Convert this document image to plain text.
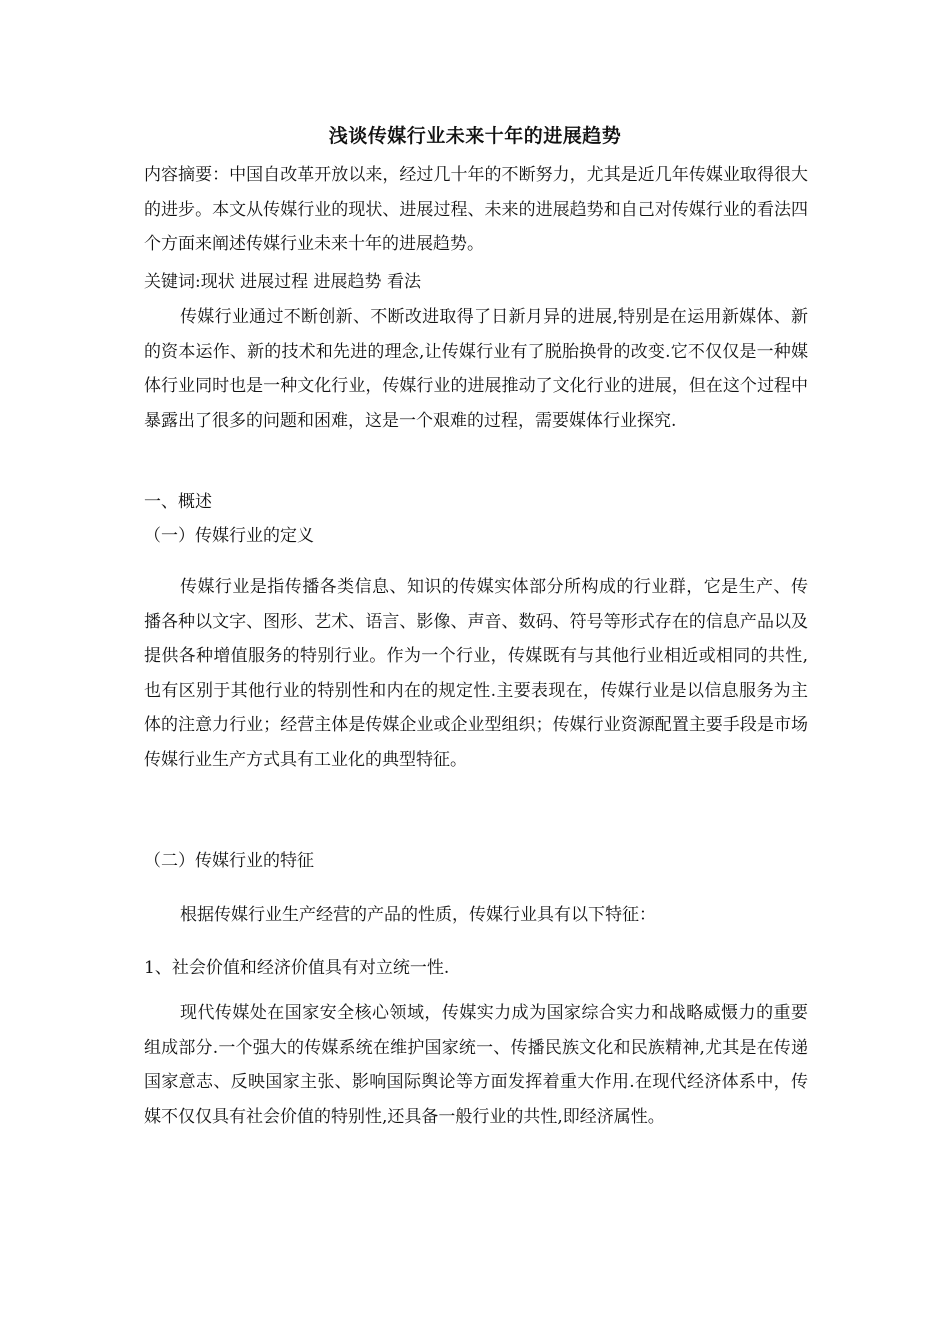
浅谈传媒行业未来十年的进展趋势
内容摘要：中国自改革开放以来，经过几十年的不断努力，尤其是近几年传媒业取得很大的进步。本文从传媒行业的现状、进展过程、未来的进展趋势和自己对传媒行业的看法四个方面来阐述传媒行业未来十年的进展趋势。
关键词:现状 进展过程 进展趋势 看法
传媒行业通过不断创新、不断改进取得了日新月异的进展,特别是在运用新媒体、新的资本运作、新的技术和先进的理念,让传媒行业有了脱胎换骨的改变.它不仅仅是一种媒体行业同时也是一种文化行业，传媒行业的进展推动了文化行业的进展，但在这个过程中暴露出了很多的问题和困难，这是一个艰难的过程，需要媒体行业探究.
一、概述
（一）传媒行业的定义
传媒行业是指传播各类信息、知识的传媒实体部分所构成的行业群，它是生产、传播各种以文字、图形、艺术、语言、影像、声音、数码、符号等形式存在的信息产品以及提供各种增值服务的特别行业。作为一个行业，传媒既有与其他行业相近或相同的共性,也有区别于其他行业的特别性和内在的规定性.主要表现在，传媒行业是以信息服务为主体的注意力行业；经营主体是传媒企业或企业型组织；传媒行业资源配置主要手段是市场传媒行业生产方式具有工业化的典型特征。
（二）传媒行业的特征
根据传媒行业生产经营的产品的性质，传媒行业具有以下特征：
1、社会价值和经济价值具有对立统一性.
现代传媒处在国家安全核心领域，传媒实力成为国家综合实力和战略威慑力的重要组成部分.一个强大的传媒系统在维护国家统一、传播民族文化和民族精神,尤其是在传递国家意志、反映国家主张、影响国际舆论等方面发挥着重大作用.在现代经济体系中，传媒不仅仅具有社会价值的特别性,还具备一般行业的共性,即经济属性。
